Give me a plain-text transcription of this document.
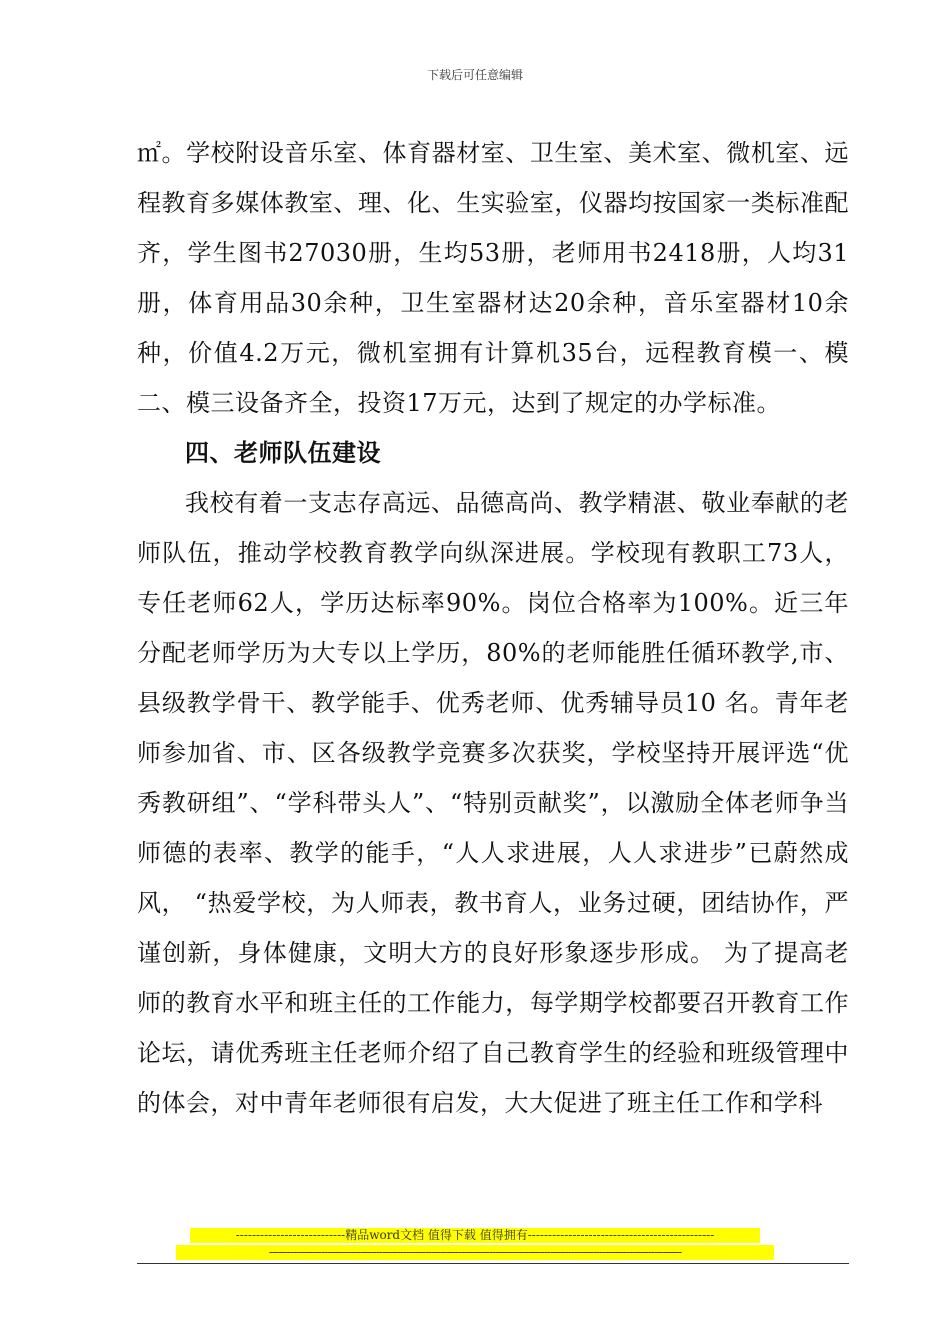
下载后可任意编辑

㎡。学校附设音乐室、体育器材室、卫生室、美术室、微机室、远程教育多媒体教室、理、化、生实验室，仪器均按国家一类标准配齐，学生图书27030册，生均53册，老师用书2418册，人均31册，体育用品30余种，卫生室器材达20余种，音乐室器材10余种，价值4.2万元，微机室拥有计算机35台，远程教育模一、模二、模三设备齐全，投资17万元，达到了规定的办学标准。

四、老师队伍建设

我校有着一支志存高远、品德高尚、教学精湛、敬业奉献的老师队伍，推动学校教育教学向纵深进展。学校现有教职工73人，专任老师62人，学历达标率90%。岗位合格率为100%。近三年分配老师学历为大专以上学历，80%的老师能胜任循环教学,市、县级教学骨干、教学能手、优秀老师、优秀辅导员10 名。青年老师参加省、市、区各级教学竞赛多次获奖，学校坚持开展评选“优秀教研组”、“学科带头人”、“特别贡献奖”，以激励全体老师争当师德的表率、教学的能手，“人人求进展，人人求进步”已蔚然成风， “热爱学校，为人师表，教书育人，业务过硬，团结协作，严谨创新，身体健康，文明大方的良好形象逐步形成。 为了提高老师的教育水平和班主任的工作能力，每学期学校都要召开教育工作论坛，请优秀班主任老师介绍了自己教育学生的经验和班级管理中的体会，对中青年老师很有启发，大大促进了班主任工作和学科

---------------------------精品word文档 值得下载 值得拥有----------------------------------------------
---------------------------------------------------------------------------------------------------------------------------------------
